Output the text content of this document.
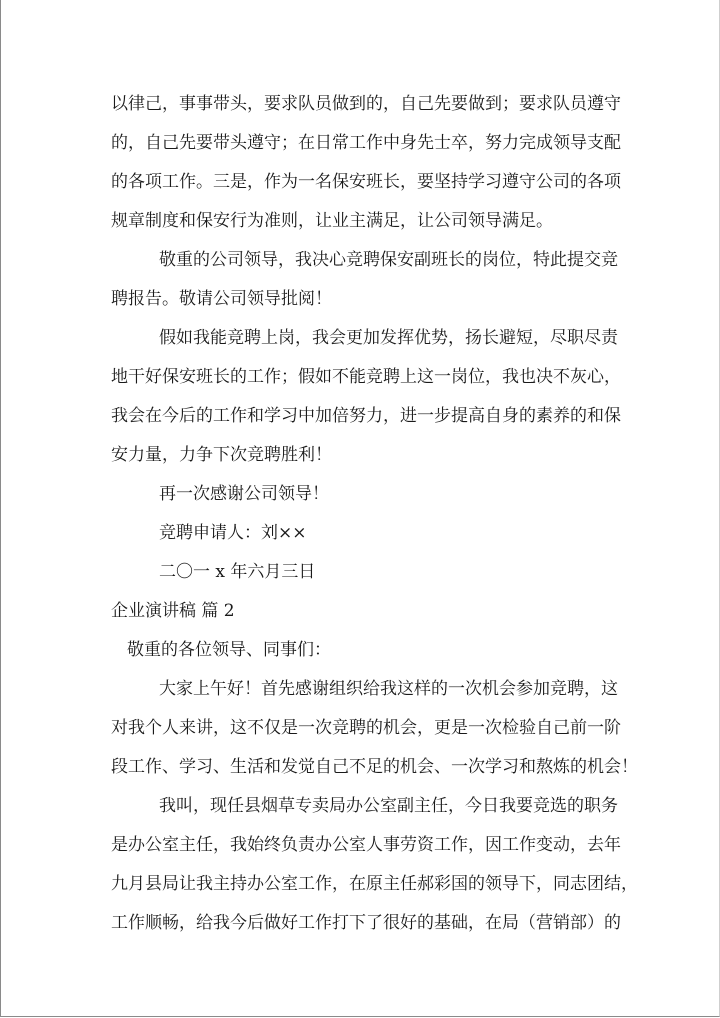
以律己，事事带头，要求队员做到的，自己先要做到；要求队员遵守
的，自己先要带头遵守；在日常工作中身先士卒，努力完成领导支配
的各项工作。三是，作为一名保安班长，要坚持学习遵守公司的各项
规章制度和保安行为准则，让业主满足，让公司领导满足。
敬重的公司领导，我决心竞聘保安副班长的岗位，特此提交竞
聘报告。敬请公司领导批阅！
假如我能竞聘上岗，我会更加发挥优势，扬长避短，尽职尽责
地干好保安班长的工作；假如不能竞聘上这一岗位，我也决不灰心，
我会在今后的工作和学习中加倍努力，进一步提高自身的素养的和保
安力量，力争下次竞聘胜利！
再一次感谢公司领导！
竞聘申请人：刘××
二〇一 x 年六月三日
企业演讲稿 篇 2
敬重的各位领导、同事们：
大家上午好！首先感谢组织给我这样的一次机会参加竞聘，这
对我个人来讲，这不仅是一次竞聘的机会，更是一次检验自己前一阶
段工作、学习、生活和发觉自己不足的机会、一次学习和熬炼的机会！
我叫，现任县烟草专卖局办公室副主任，今日我要竞选的职务
是办公室主任，我始终负责办公室人事劳资工作，因工作变动，去年
九月县局让我主持办公室工作，在原主任郝彩国的领导下，同志团结，
工作顺畅，给我今后做好工作打下了很好的基础，在局（营销部）的
